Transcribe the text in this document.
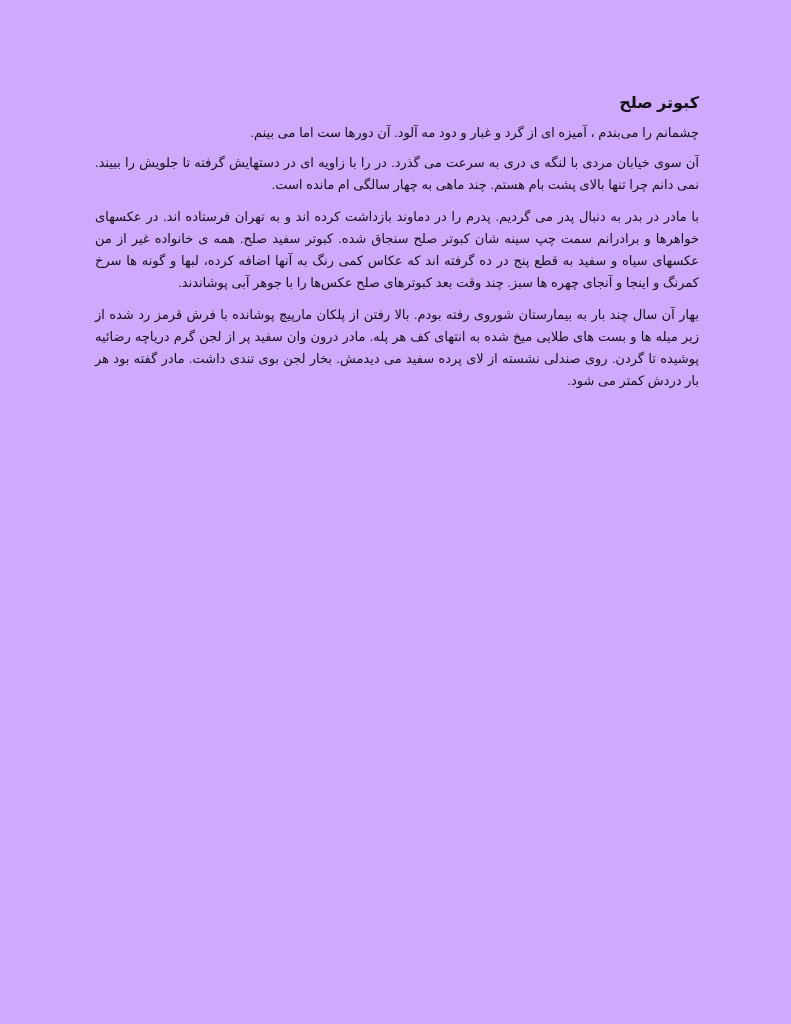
کبوتر صلح

چشمانم را می‌بندم ، آمیزه ای از گرد و غبار و دود مه آلود. آن دورها ست اما می بینم.

آن سوی خیابان مردی با لنگه ی دری به سرعت می گذرد. در را با زاویه ای در دستهایش گرفته تا جلویش را ببیند. نمی دانم چرا تنها بالای پشت بام هستم. چند ماهی به چهار سالگی ام مانده است.

با مادر در بدر به دنبال پدر می گردیم. پدرم را در دماوند بازداشت کرده اند و به تهران فرستاده اند. در عکسهای خواهرها و برادرانم سمت چپ سینه شان کبوتر صلح سنجاق شده. کبوتر سفید صلح. همه ی خانواده غیر از من عکسهای سیاه و سفید به قطع پنج در ده گرفته اند که عکاس کمی رنگ به آنها اضافه کرده، لبها و گونه ها سرخ کمرنگ و اینجا و آنجای چهره ها سبز. چند وقت بعد کبوترهای صلح عکس‌ها را با جوهر آبی پوشاندند.

بهار آن سال چند بار به بیمارستان شوروی رفته بودم. بالا رفتن از پلکان مارپیچ پوشانده با فرش قرمز رد شده از زیر میله ها و بست های طلایی میخ شده به انتهای کف هر پله. مادر درون وان سفید پر از لجن گرم دریاچه رضائیه پوشیده تا گردن. روی صندلی نشسته از لای پرده سفید می دیدمش. بخار لجن بوی تندی داشت. مادر گفته بود هر بار دردش کمتر می شود.
